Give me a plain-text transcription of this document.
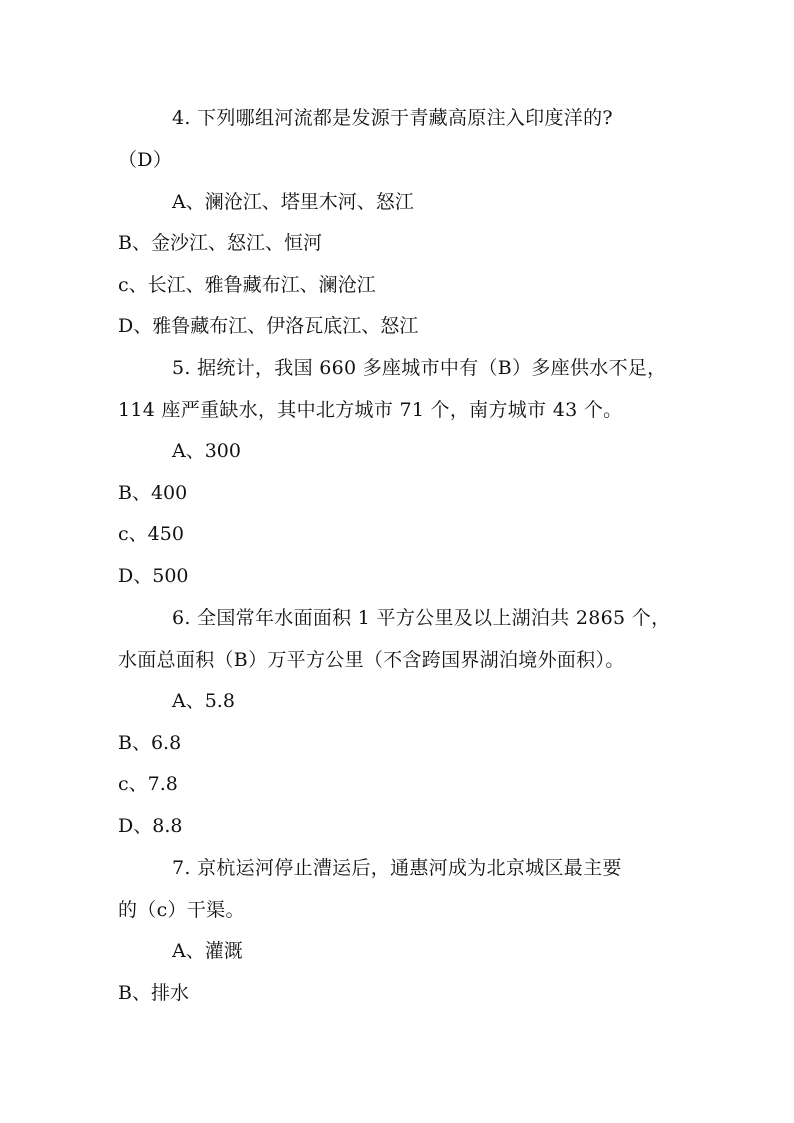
4. 下列哪组河流都是发源于青藏高原注入印度洋的?
（D）
A、澜沧江、塔里木河、怒江
B、金沙江、怒江、恒河
c、长江、雅鲁藏布江、澜沧江
D、雅鲁藏布江、伊洛瓦底江、怒江
5. 据统计，我国 660 多座城市中有（B）多座供水不足，
114 座严重缺水，其中北方城市 71 个，南方城市 43 个。
A、300
B、400
c、450
D、500
6. 全国常年水面面积 1 平方公里及以上湖泊共 2865 个，
水面总面积（B）万平方公里（不含跨国界湖泊境外面积）。
A、5.8
B、6.8
c、7.8
D、8.8
7. 京杭运河停止漕运后，通惠河成为北京城区最主要
的（c）干渠。
A、灌溉
B、排水
